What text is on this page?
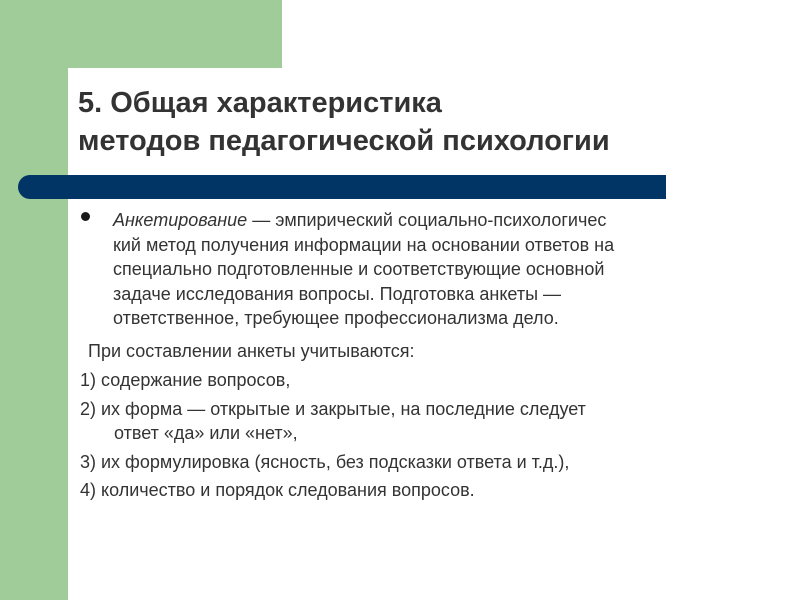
5. Общая характеристика
методов педагогической психологии

Анкетирование — эмпирический социально-психологичес
кий метод получения информации на основании ответов на
специально подготовленные и соответствующие основной
задаче исследования вопросы. Подготовка анкеты —
ответственное, требующее профессионализма дело.

При составлении анкеты учитываются:

1) содержание вопросов,
2) их форма — открытые и закрытые, на последние следует
ответ «да» или «нет»,
3) их формулировка (ясность, без подсказки ответа и т.д.),
4) количество и порядок следования вопросов.
